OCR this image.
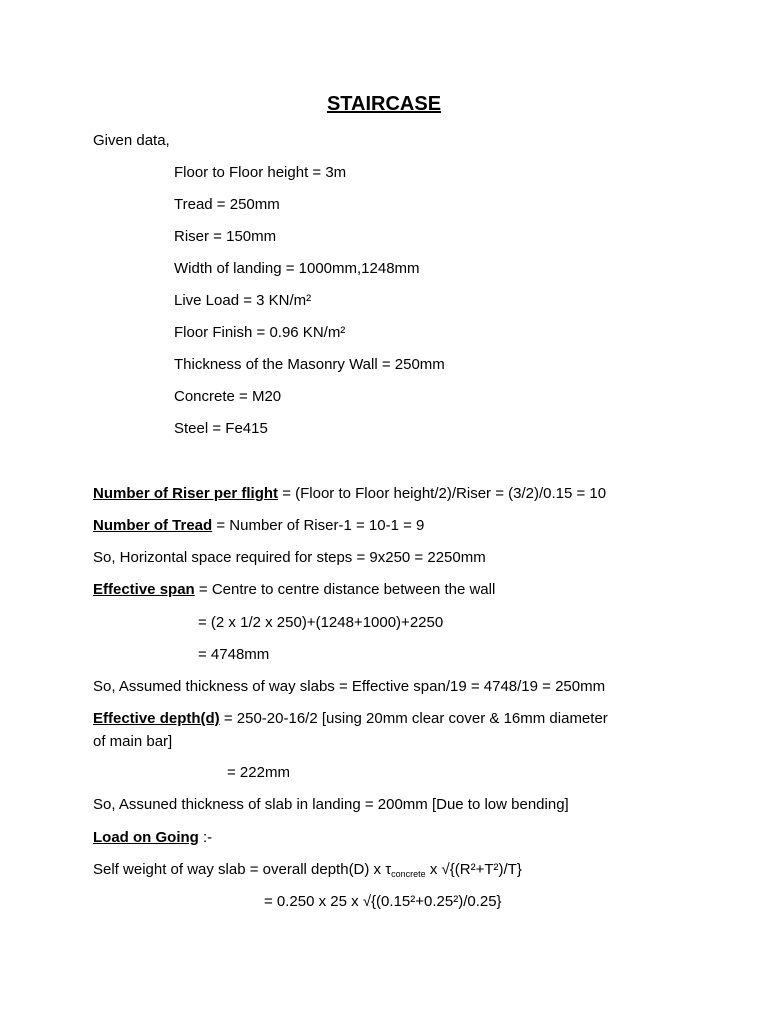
STAIRCASE
Given data,
Floor to Floor height = 3m
Tread = 250mm
Riser = 150mm
Width of landing = 1000mm,1248mm
Live Load = 3 KN/m²
Floor Finish = 0.96 KN/m²
Thickness of the Masonry Wall = 250mm
Concrete = M20
Steel = Fe415
Number of Riser per flight = (Floor to Floor height/2)/Riser = (3/2)/0.15 = 10
Number of Tread = Number of Riser-1 = 10-1 = 9
So, Horizontal space required for steps = 9x250 = 2250mm
Effective span = Centre to centre distance between the wall
= (2 x 1/2 x 250)+(1248+1000)+2250
= 4748mm
So, Assumed thickness of way slabs = Effective span/19 = 4748/19 = 250mm
Effective depth(d) = 250-20-16/2 [using 20mm clear cover & 16mm diameter
of main bar]
= 222mm
So, Assuned thickness of slab in landing = 200mm [Due to low bending]
Load on Going :-
Self weight of way slab = overall depth(D) x $\tau_{concrete}$ x √{(R²+T²)/T}
= 0.250 x 25 x √{(0.15²+0.25²)/0.25}
